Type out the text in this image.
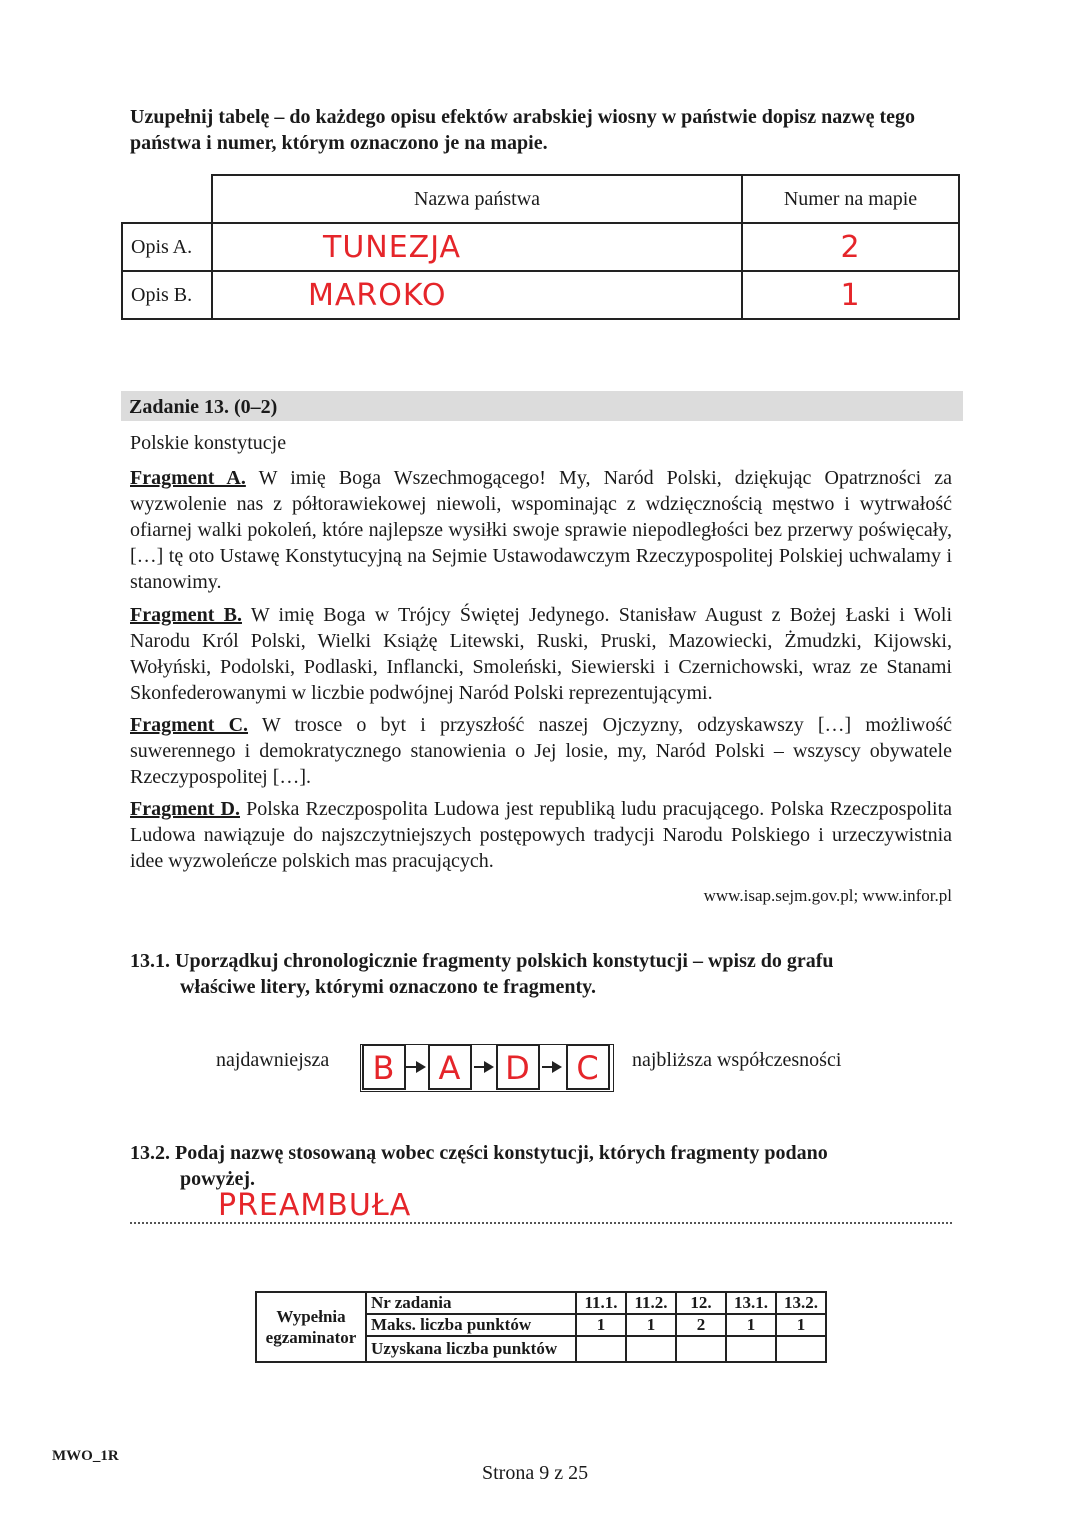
Uzupełnij tabelę – do każdego opisu efektów arabskiej wiosny w państwie dopisz nazwę tego państwa i numer, którym oznaczono je na mapie.
	Nazwa państwa	Numer na mapie
Opis A.	TUNEZJA	2
Opis B.	MAROKO	1
Zadanie 13. (0–2)
Polskie konstytucje
Fragment A. W imię Boga Wszechmogącego! My, Naród Polski, dziękując Opatrzności za wyzwolenie nas z półtorawiekowej niewoli, wspominając z wdzięcznością męstwo i wytrwałość ofiarnej walki pokoleń, które najlepsze wysiłki swoje sprawie niepodległości bez przerwy poświęcały, […] tę oto Ustawę Konstytucyjną na Sejmie Ustawodawczym Rzeczypospolitej Polskiej uchwalamy i stanowimy.
Fragment B. W imię Boga w Trójcy Świętej Jedynego. Stanisław August z Bożej Łaski i Woli Narodu Król Polski, Wielki Książę Litewski, Ruski, Pruski, Mazowiecki, Żmudzki, Kijowski, Wołyński, Podolski, Podlaski, Inflancki, Smoleński, Siewierski i Czernichowski, wraz ze Stanami Skonfederowanymi w liczbie podwójnej Naród Polski reprezentującymi.
Fragment C. W trosce o byt i przyszłość naszej Ojczyzny, odzyskawszy […] możliwość suwerennego i demokratycznego stanowienia o Jej losie, my, Naród Polski – wszyscy obywatele Rzeczypospolitej […].
Fragment D. Polska Rzeczpospolita Ludowa jest republiką ludu pracującego. Polska Rzeczpospolita Ludowa nawiązuje do najszczytniejszych postępowych tradycji Narodu Polskiego i urzeczywistnia idee wyzwoleńcze polskich mas pracujących.
www.isap.sejm.gov.pl; www.infor.pl
13.1. Uporządkuj chronologicznie fragmenty polskich konstytucji – wpisz do grafu
właściwe litery, którymi oznaczono te fragmenty.
najdawniejsza	B	A	D	C	najbliższa współczesności
13.2. Podaj nazwę stosowaną wobec części konstytucji, których fragmenty podano
powyżej.
PREAMBUŁA
Wypełnia
egzaminator	Nr zadania	11.1.	11.2.	12.	13.1.	13.2.
	Maks. liczba punktów	1	1	2	1	1
	Uzyskana liczba punktów					
MWO_1R
Strona 9 z 25
